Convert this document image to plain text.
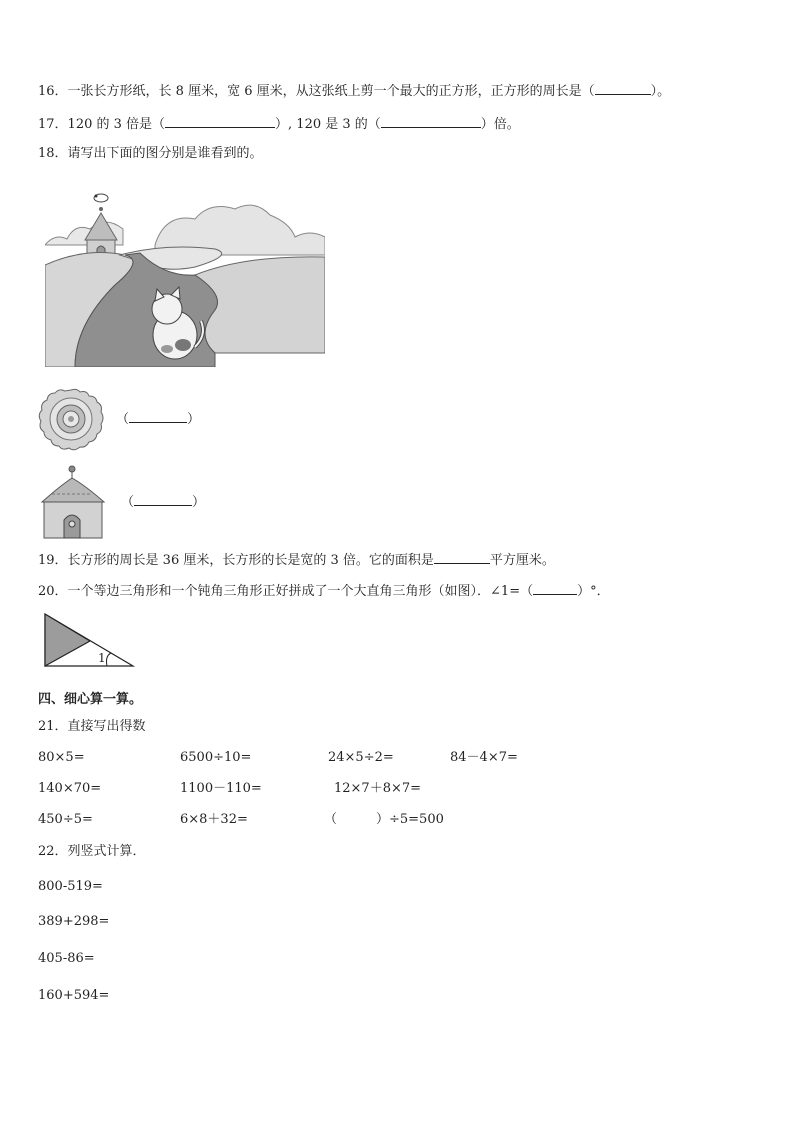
16．一张长方形纸，长 8 厘米，宽 6 厘米，从这张纸上剪一个最大的正方形，正方形的周长是（	）。
17．120 的 3 倍是（	）, 120 是 3 的（	）倍。
18．请写出下面的图分别是谁看到的。
（	）
（	）
19．长方形的周长是 36 厘米，长方形的长是宽的 3 倍。它的面积是	平方厘米。
20．一个等边三角形和一个钝角三角形正好拼成了一个大直角三角形（如图）．∠1=（	）°．
1
四、细心算一算。
21．直接写出得数
80×5=	6500÷10=	24×5÷2=	84－4×7=
140×70=	1100－110=	12×7＋8×7=
450÷5=	6×8＋32=	（　　　）÷5=500
22．列竖式计算．
800-519=
389+298=
405-86=
160+594=
